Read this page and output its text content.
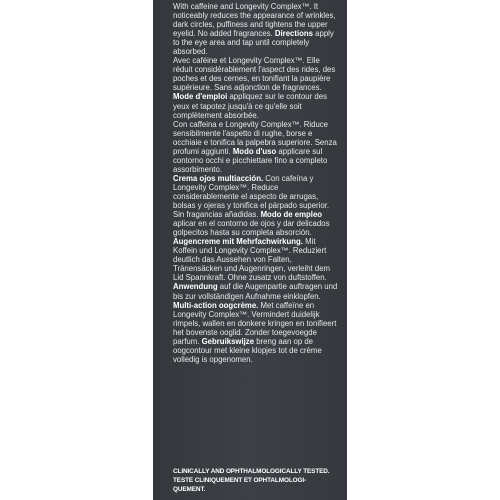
With caffeine and Longevity Complex™. It noticeably reduces the appearance of wrinkles, dark circles, puffiness and tightens the upper eyelid. No added fragrances. Directions apply to the eye area and tap until completely absorbed.

Avec caféine et Longevity Complex™. Elle réduit considérablement l'aspect des rides, des poches et des cernes, en tonifiant la paupière supérieure. Sans adjonction de fragrances. Mode d'emploi appliquez sur le contour des yeux et tapotez jusqu'à ce qu'elle soit complètement absorbée.

Con caffeina e Longevity Complex™. Riduce sensibilmente l'aspetto di rughe, borse e occhiaie e tonifica la palpebra superiore. Senza profumi aggiunti. Modo d'uso applicare sul contorno occhi e picchiettare fino a completo assorbimento.

Crema ojos multiacción. Con cafeína y Longevity Complex™. Reduce considerablemente el aspecto de arrugas, bolsas y ojeras y tonifica el párpado superior. Sin fragancias añadidas. Modo de empleo aplicar en el contorno de ojos y dar delicados golpecitos hasta su completa absorción.

Augencreme mit Mehrfachwirkung. Mit Koffein und Longevity Complex™. Reduziert deutlich das Aussehen von Falten, Tränensäcken und Augenringen, verleiht dem Lid Spannkraft. Ohne zusatz von duftstoffen. Anwendung auf die Augenpartie auftragen und bis zur vollständigen Aufnahme einklopfen.

Multi-action oogcrème. Met caffeïne en Longevity Complex™. Vermindert duidelijk rimpels, wallen en donkere kringen en tonifieert het bovenste ooglid. Zonder toegevoegde parfum. Gebruikswijze breng aan op de oogcontour met kleine klopjes tot de crème volledig is opgenomen.

CLINICALLY AND OPHTHALMOLOGICALLY TESTED.
TESTÉ CLINIQUEMENT ET OPHTALMOLOGI-
QUEMENT.
